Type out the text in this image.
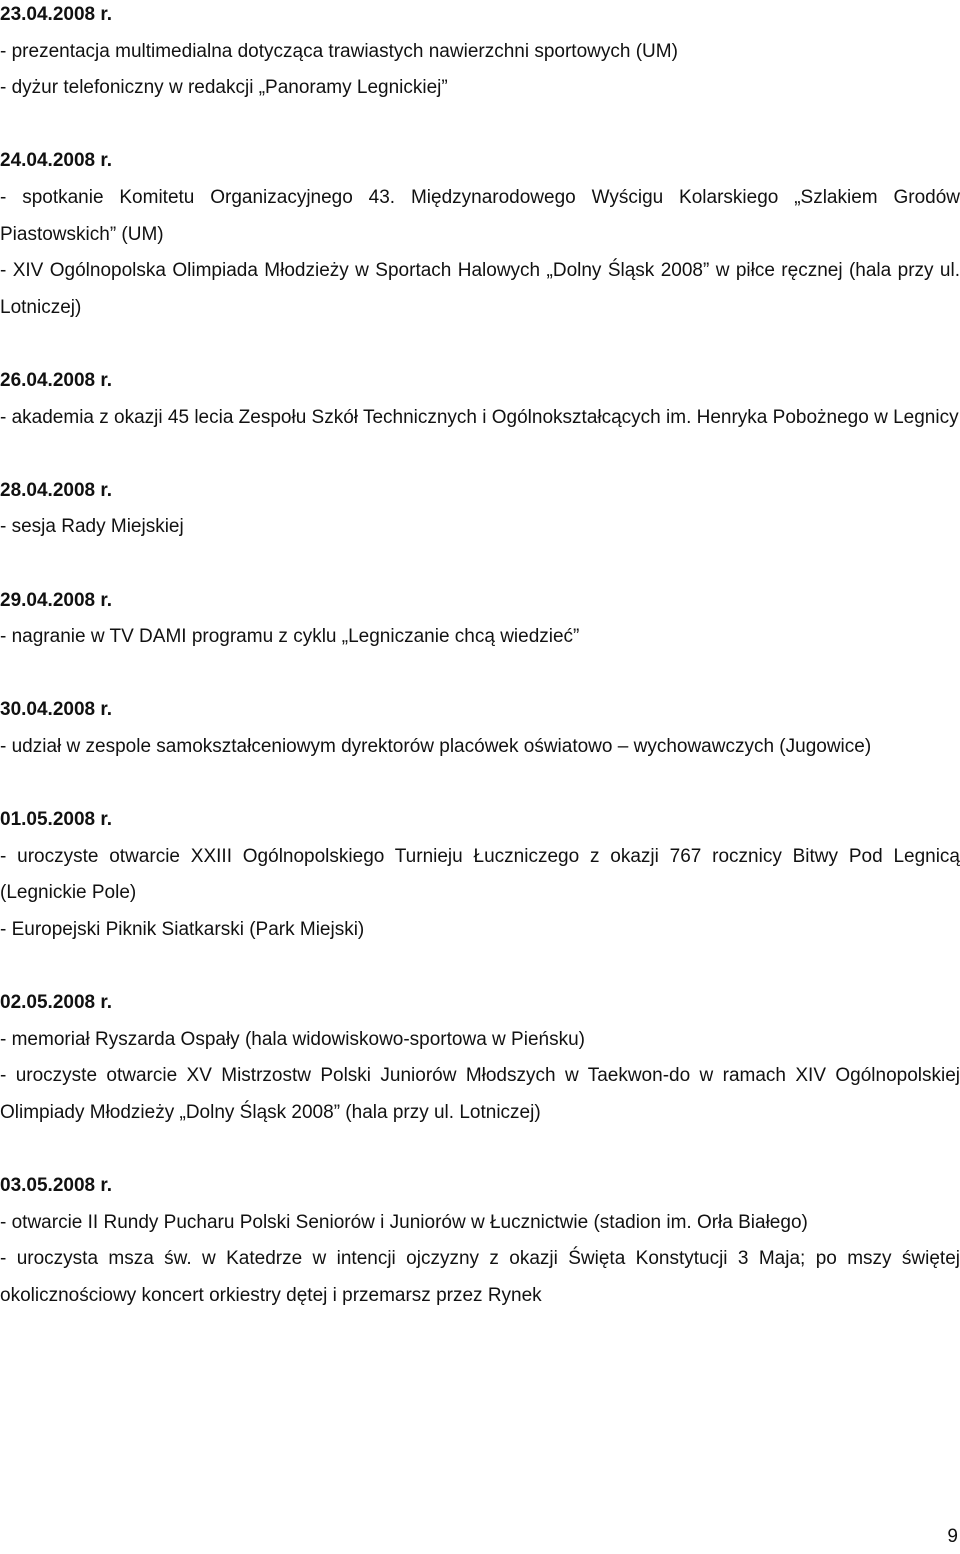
23.04.2008 r.

- prezentacja multimedialna dotycząca trawiastych nawierzchni sportowych (UM)

- dyżur telefoniczny w redakcji „Panoramy Legnickiej”

24.04.2008 r.

- spotkanie Komitetu Organizacyjnego 43. Międzynarodowego Wyścigu Kolarskiego „Szlakiem Grodów Piastowskich” (UM)

- XIV Ogólnopolska Olimpiada Młodzieży w Sportach Halowych „Dolny Śląsk 2008” w piłce ręcznej (hala przy ul. Lotniczej)

26.04.2008 r.

- akademia z okazji 45 lecia Zespołu Szkół Technicznych i Ogólnokształcących im. Henryka Pobożnego w Legnicy

28.04.2008 r.

- sesja Rady Miejskiej

29.04.2008 r.

- nagranie w TV DAMI programu z cyklu „Legniczanie chcą wiedzieć”

30.04.2008 r.

- udział w zespole samokształceniowym dyrektorów placówek oświatowo – wychowawczych (Jugowice)

01.05.2008 r.

- uroczyste otwarcie XXIII Ogólnopolskiego Turnieju Łuczniczego z okazji 767 rocznicy Bitwy Pod Legnicą (Legnickie Pole)

- Europejski Piknik Siatkarski (Park Miejski)

02.05.2008 r.

- memoriał Ryszarda Ospały (hala widowiskowo-sportowa w Pieńsku)

- uroczyste otwarcie XV Mistrzostw Polski Juniorów Młodszych w Taekwon-do w ramach XIV Ogólnopolskiej Olimpiady Młodzieży „Dolny Śląsk 2008” (hala przy ul. Lotniczej)

03.05.2008 r.

- otwarcie II Rundy Pucharu Polski Seniorów i Juniorów w Łucznictwie (stadion im. Orła Białego)

- uroczysta msza św. w Katedrze w intencji ojczyzny z okazji Święta Konstytucji 3 Maja; po mszy świętej okolicznościowy koncert orkiestry dętej i przemarsz przez Rynek

9
